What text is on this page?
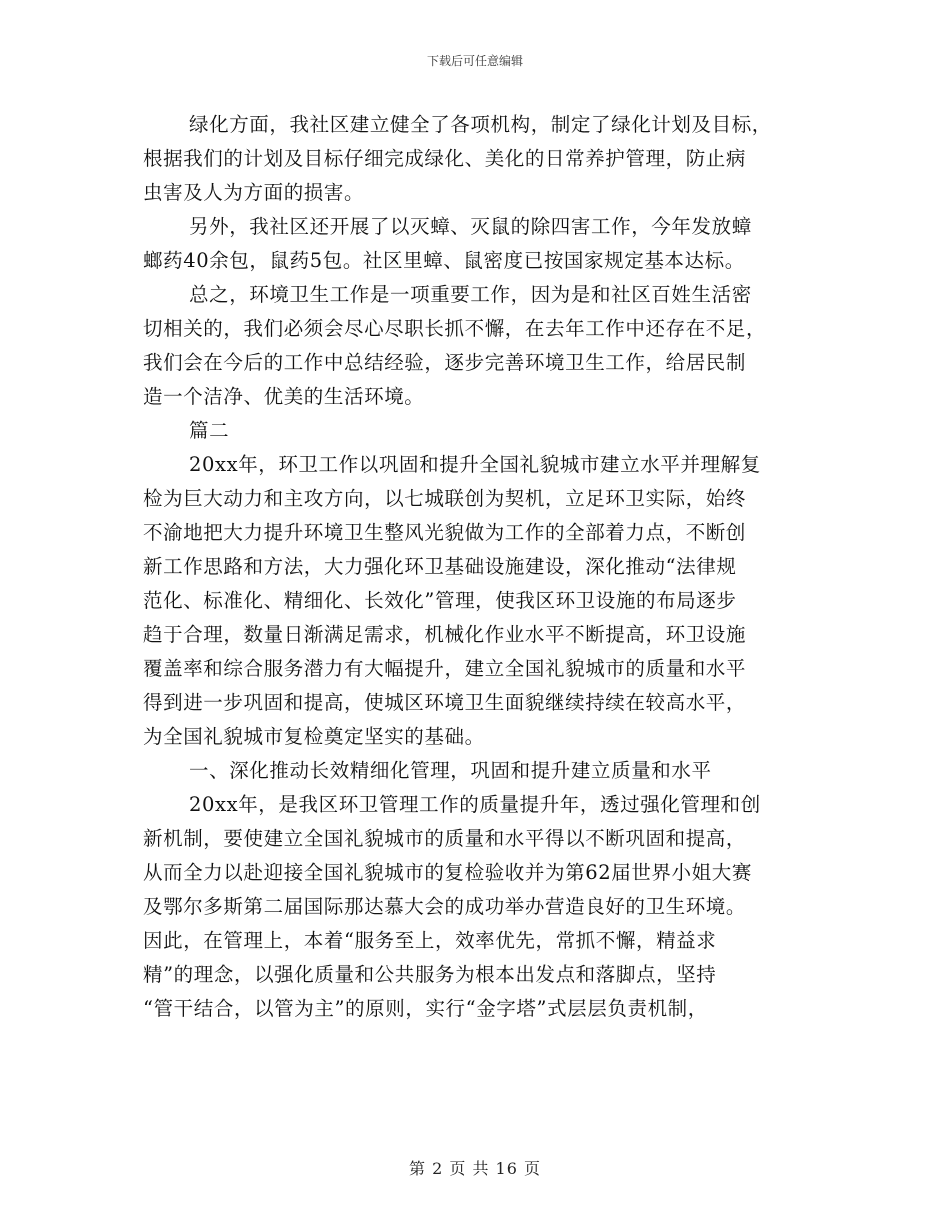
下载后可任意编辑
绿化方面，我社区建立健全了各项机构，制定了绿化计划及目标，
根据我们的计划及目标仔细完成绿化、美化的日常养护管理，防止病
虫害及人为方面的损害。
另外，我社区还开展了以灭蟑、灭鼠的除四害工作，今年发放蟑
螂药40余包，鼠药5包。社区里蟑、鼠密度已按国家规定基本达标。
总之，环境卫生工作是一项重要工作，因为是和社区百姓生活密
切相关的，我们必须会尽心尽职长抓不懈，在去年工作中还存在不足，
我们会在今后的工作中总结经验，逐步完善环境卫生工作，给居民制
造一个洁净、优美的生活环境。
篇二
20xx年，环卫工作以巩固和提升全国礼貌城市建立水平并理解复
检为巨大动力和主攻方向，以七城联创为契机，立足环卫实际，始终
不渝地把大力提升环境卫生整风光貌做为工作的全部着力点，不断创
新工作思路和方法，大力强化环卫基础设施建设，深化推动“法律规
范化、标准化、精细化、长效化”管理，使我区环卫设施的布局逐步
趋于合理，数量日渐满足需求，机械化作业水平不断提高，环卫设施
覆盖率和综合服务潜力有大幅提升，建立全国礼貌城市的质量和水平
得到进一步巩固和提高，使城区环境卫生面貌继续持续在较高水平，
为全国礼貌城市复检奠定坚实的基础。
一、深化推动长效精细化管理，巩固和提升建立质量和水平
20xx年，是我区环卫管理工作的质量提升年，透过强化管理和创
新机制，要使建立全国礼貌城市的质量和水平得以不断巩固和提高，
从而全力以赴迎接全国礼貌城市的复检验收并为第62届世界小姐大赛
及鄂尔多斯第二届国际那达慕大会的成功举办营造良好的卫生环境。
因此，在管理上，本着“服务至上，效率优先，常抓不懈，精益求
精”的理念，以强化质量和公共服务为根本出发点和落脚点，坚持
“管干结合，以管为主”的原则，实行“金字塔”式层层负责机制，
第 2 页 共 16 页
